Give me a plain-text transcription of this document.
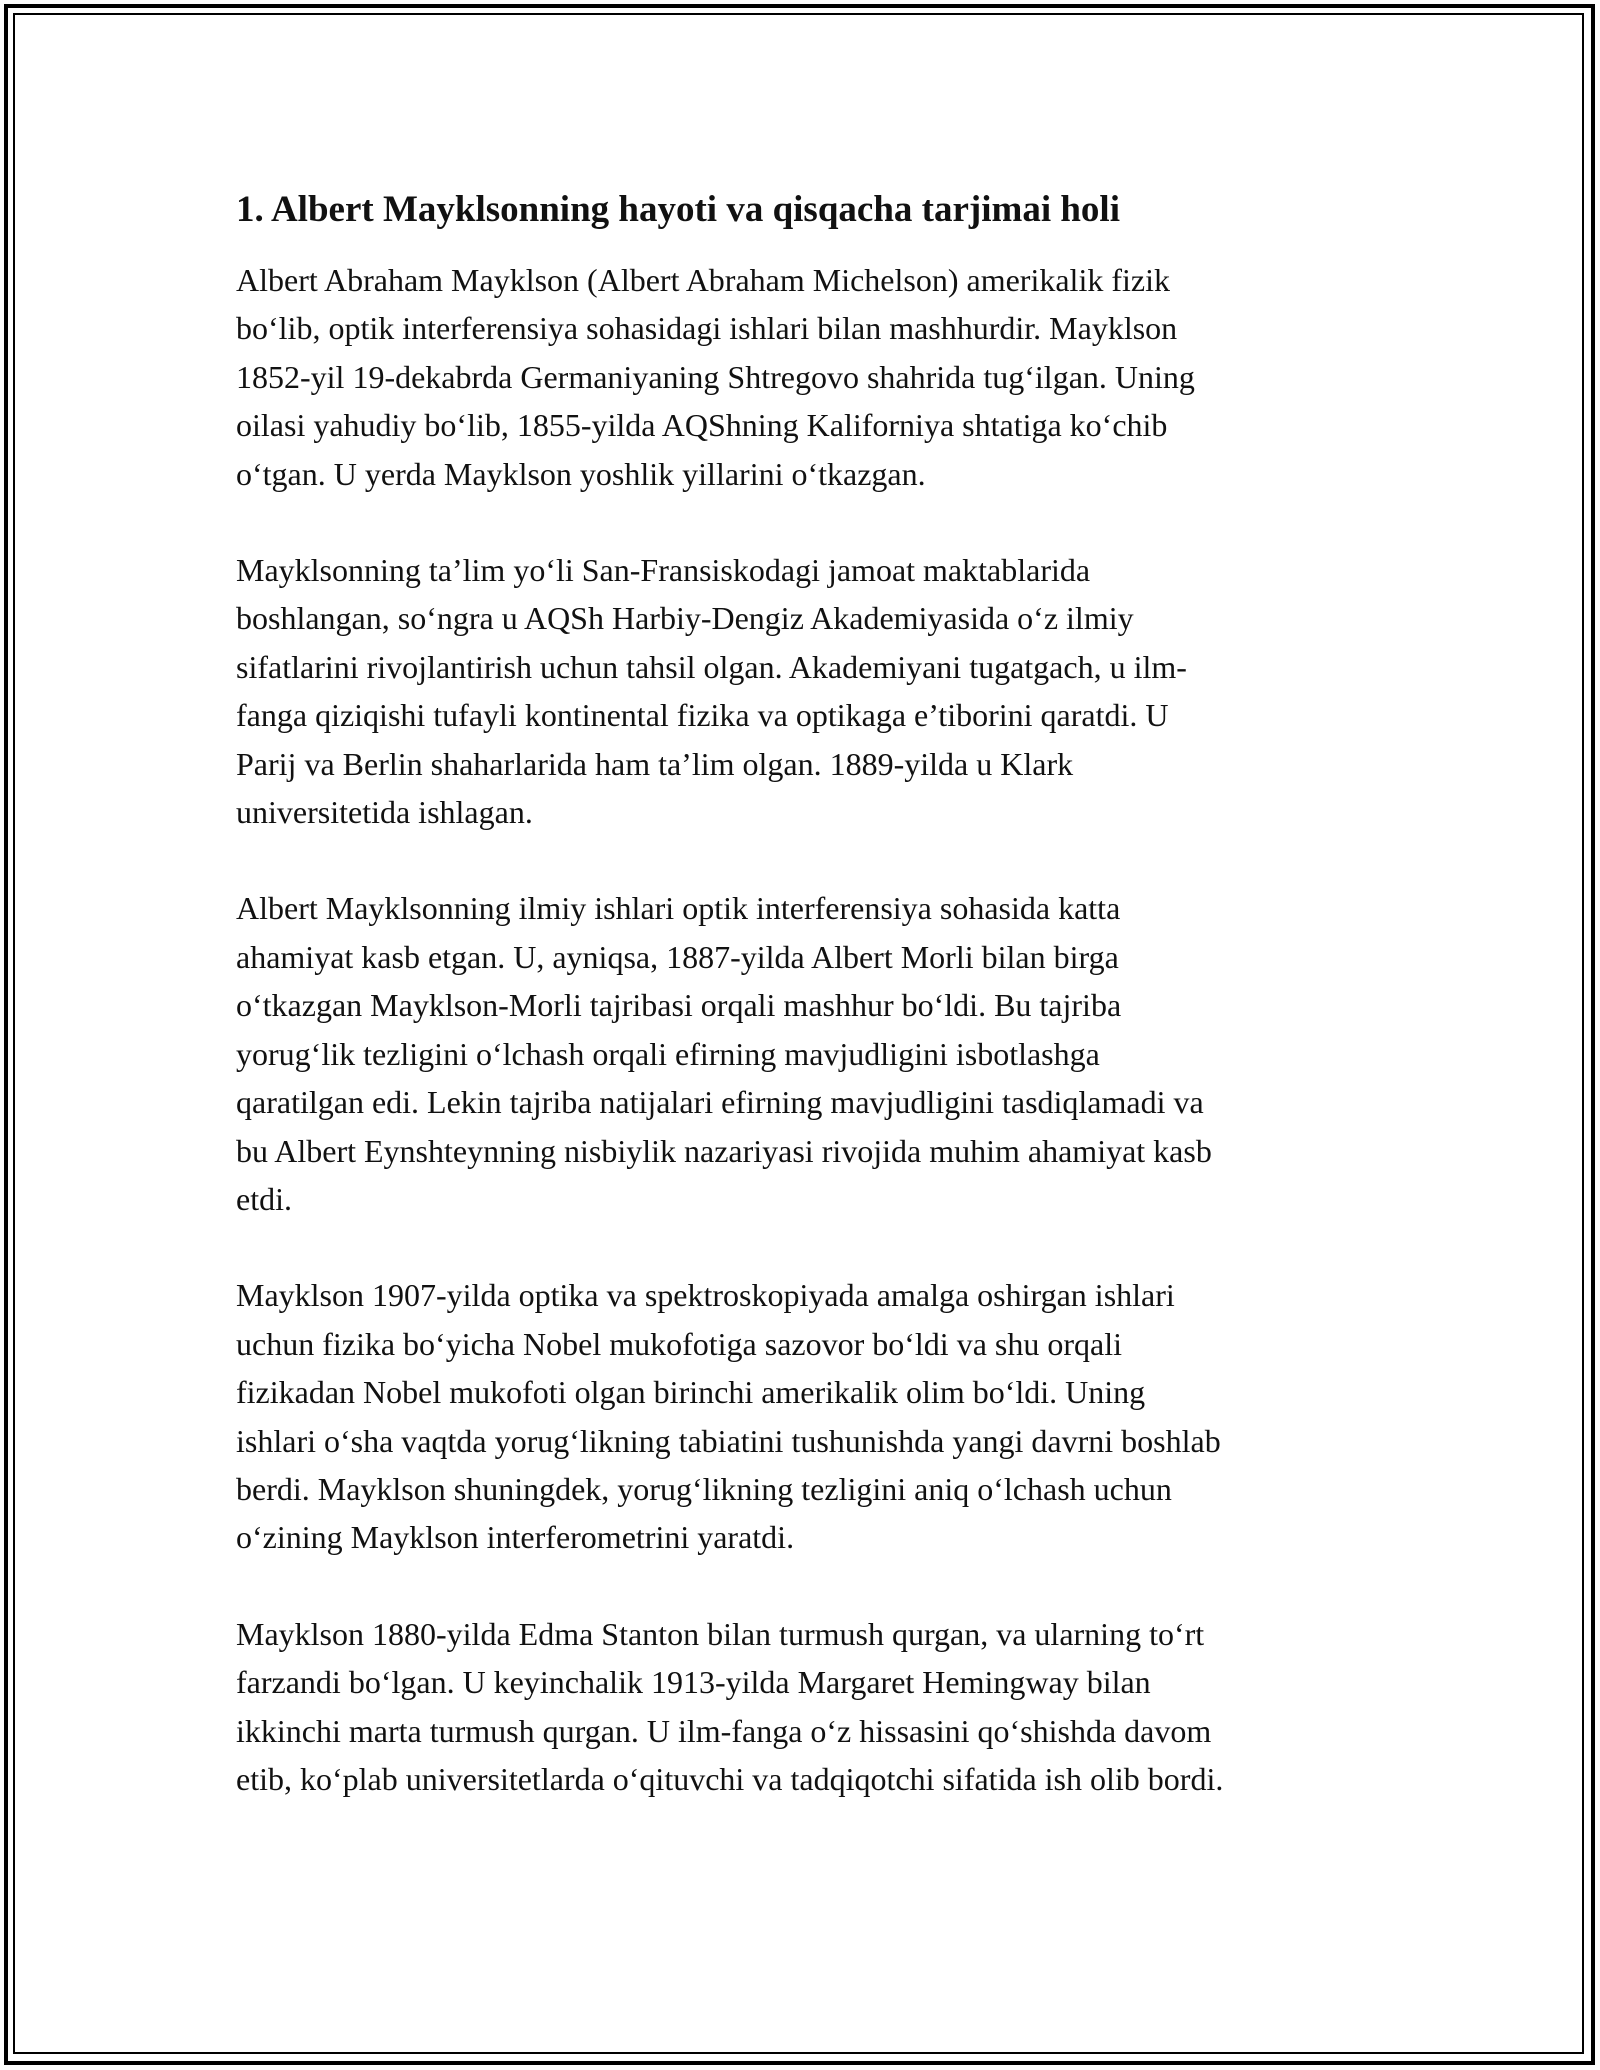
1. Albert Mayklsonning hayoti va qisqacha tarjimai holi
Albert Abraham Mayklson (Albert Abraham Michelson) amerikalik fizik
bo‘lib, optik interferensiya sohasidagi ishlari bilan mashhurdir. Mayklson
1852-yil 19-dekabrda Germaniyaning Shtregovo shahrida tug‘ilgan. Uning
oilasi yahudiy bo‘lib, 1855-yilda AQShning Kaliforniya shtatiga ko‘chib
o‘tgan. U yerda Mayklson yoshlik yillarini o‘tkazgan.
Mayklsonning ta’lim yo‘li San-Fransiskodagi jamoat maktablarida
boshlangan, so‘ngra u AQSh Harbiy-Dengiz Akademiyasida o‘z ilmiy
sifatlarini rivojlantirish uchun tahsil olgan. Akademiyani tugatgach, u ilm-
fanga qiziqishi tufayli kontinental fizika va optikaga e’tiborini qaratdi. U
Parij va Berlin shaharlarida ham ta’lim olgan. 1889-yilda u Klark
universitetida ishlagan.
Albert Mayklsonning ilmiy ishlari optik interferensiya sohasida katta
ahamiyat kasb etgan. U, ayniqsa, 1887-yilda Albert Morli bilan birga
o‘tkazgan Mayklson-Morli tajribasi orqali mashhur bo‘ldi. Bu tajriba
yorug‘lik tezligini o‘lchash orqali efirning mavjudligini isbotlashga
qaratilgan edi. Lekin tajriba natijalari efirning mavjudligini tasdiqlamadi va
bu Albert Eynshteynning nisbiylik nazariyasi rivojida muhim ahamiyat kasb
etdi.
Mayklson 1907-yilda optika va spektroskopiyada amalga oshirgan ishlari
uchun fizika bo‘yicha Nobel mukofotiga sazovor bo‘ldi va shu orqali
fizikadan Nobel mukofoti olgan birinchi amerikalik olim bo‘ldi. Uning
ishlari o‘sha vaqtda yorug‘likning tabiatini tushunishda yangi davrni boshlab
berdi. Mayklson shuningdek, yorug‘likning tezligini aniq o‘lchash uchun
o‘zining Mayklson interferometrini yaratdi.
Mayklson 1880-yilda Edma Stanton bilan turmush qurgan, va ularning to‘rt
farzandi bo‘lgan. U keyinchalik 1913-yilda Margaret Hemingway bilan
ikkinchi marta turmush qurgan. U ilm-fanga o‘z hissasini qo‘shishda davom
etib, ko‘plab universitetlarda o‘qituvchi va tadqiqotchi sifatida ish olib bordi.
